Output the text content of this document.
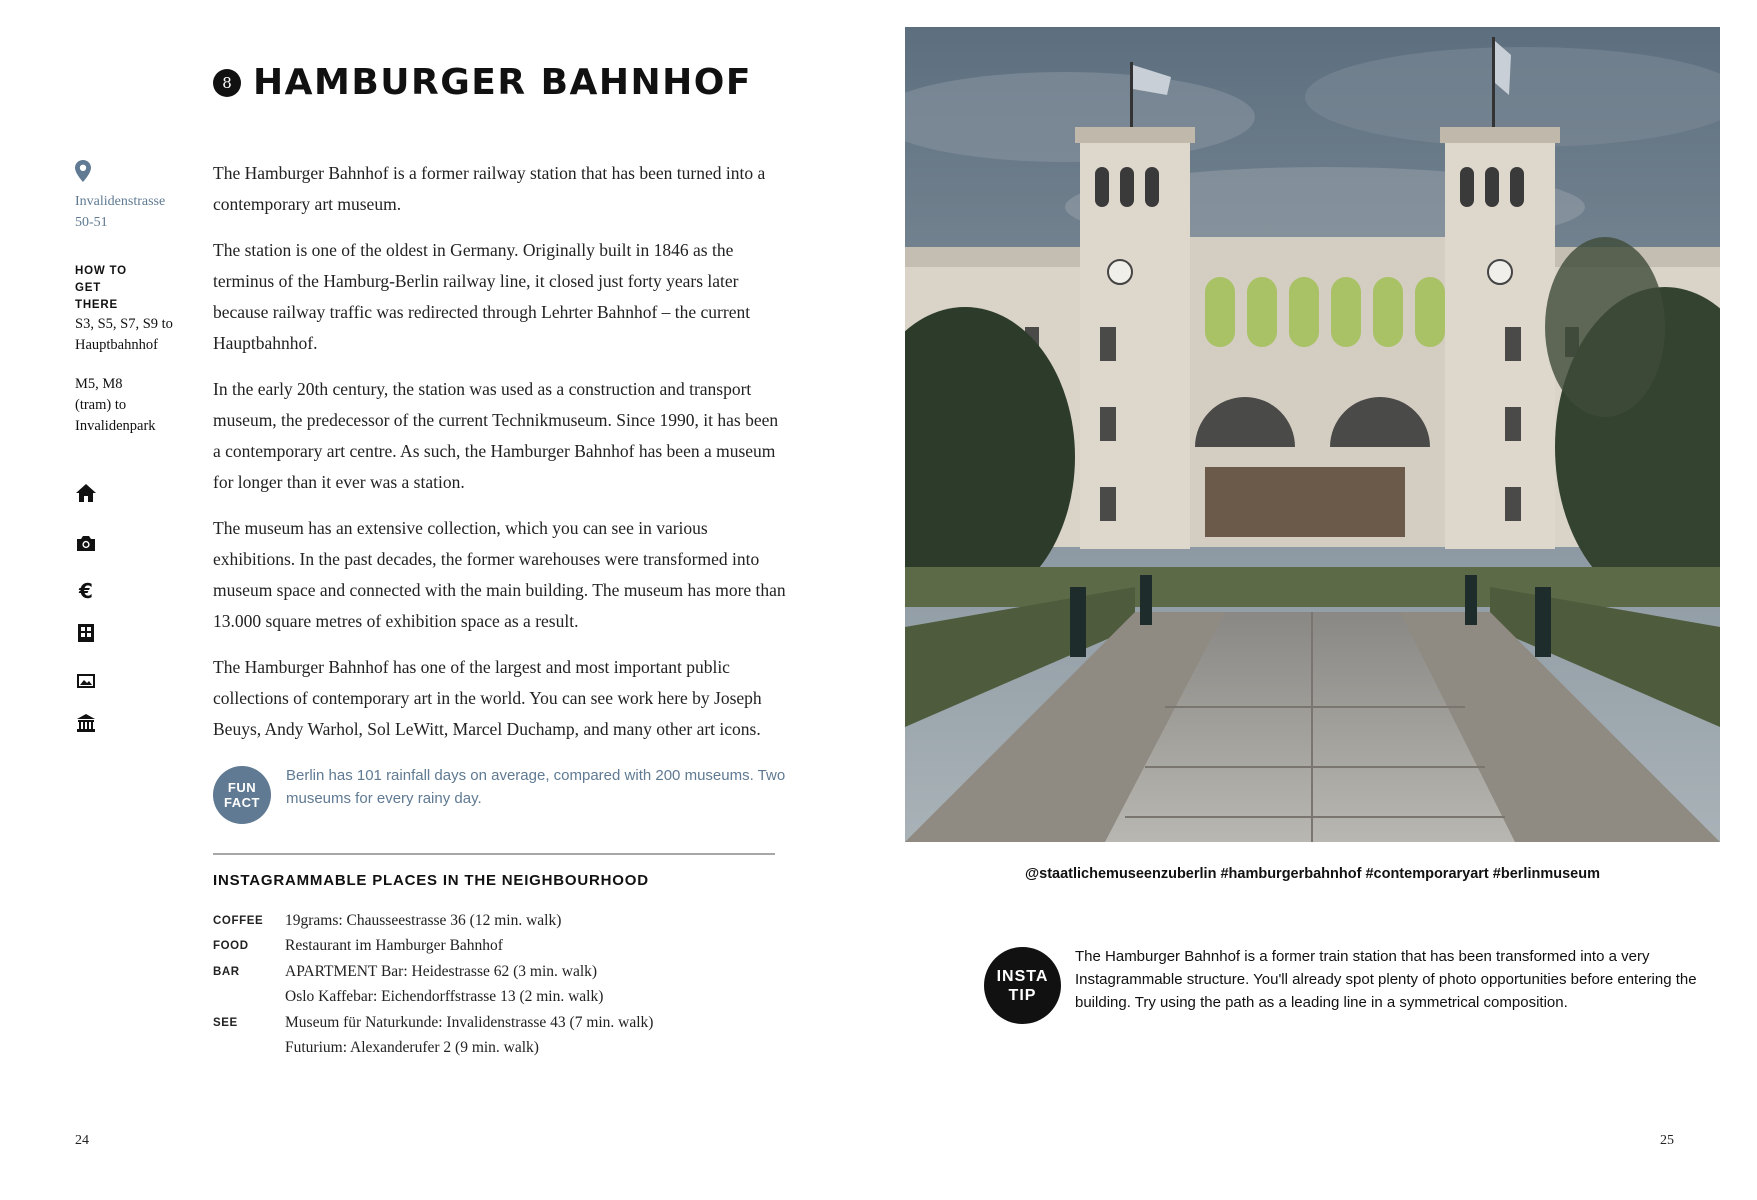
8 HAMBURGER BAHNHOF
Invalidenstrasse
50-51
HOW TO
GET THERE
S3, S5, S7, S9 to
Hauptbahnhof
M5, M8
(tram) to
Invalidenpark
€

The Hamburger Bahnhof is a former railway station that has been turned into a contemporary art museum.

The station is one of the oldest in Germany. Originally built in 1846 as the terminus of the Hamburg-Berlin railway line, it closed just forty years later because railway traffic was redirected through Lehrter Bahnhof – the current Hauptbahnhof.

In the early 20th century, the station was used as a construction and transport museum, the predecessor of the current Technikmuseum. Since 1990, it has been a contemporary art centre. As such, the Hamburger Bahnhof has been a museum for longer than it ever was a station.

The museum has an extensive collection, which you can see in various exhibitions. In the past decades, the former warehouses were transformed into museum space and connected with the main building. The museum has more than 13.000 square metres of exhibition space as a result.

The Hamburger Bahnhof has one of the largest and most important public collections of contemporary art in the world. You can see work here by Joseph Beuys, Andy Warhol, Sol LeWitt, Marcel Duchamp, and many other art icons.

FUN
FACT
Berlin has 101 rainfall days on average, compared with 200 museums. Two museums for every rainy day.
INSTAGRAMMABLE PLACES IN THE NEIGHBOURHOOD
COFFEE	19grams: Chausseestrasse 36 (12 min. walk)
FOOD	Restaurant im Hamburger Bahnhof
BAR	APARTMENT Bar: Heidestrasse 62 (3 min. walk)
Oslo Kaffebar: Eichendorffstrasse 13 (2 min. walk)
SEE	Museum für Naturkunde: Invalidenstrasse 43 (7 min. walk)
Futurium: Alexanderufer 2 (9 min. walk)
24
@staatlichemuseenzuberlin #hamburgerbahnhof #contemporaryart #berlinmuseum
INSTA
TIP
The Hamburger Bahnhof is a former train station that has been transformed into a very Instagrammable structure. You'll already spot plenty of photo opportunities before entering the building. Try using the path as a leading line in a symmetrical composition.
25
